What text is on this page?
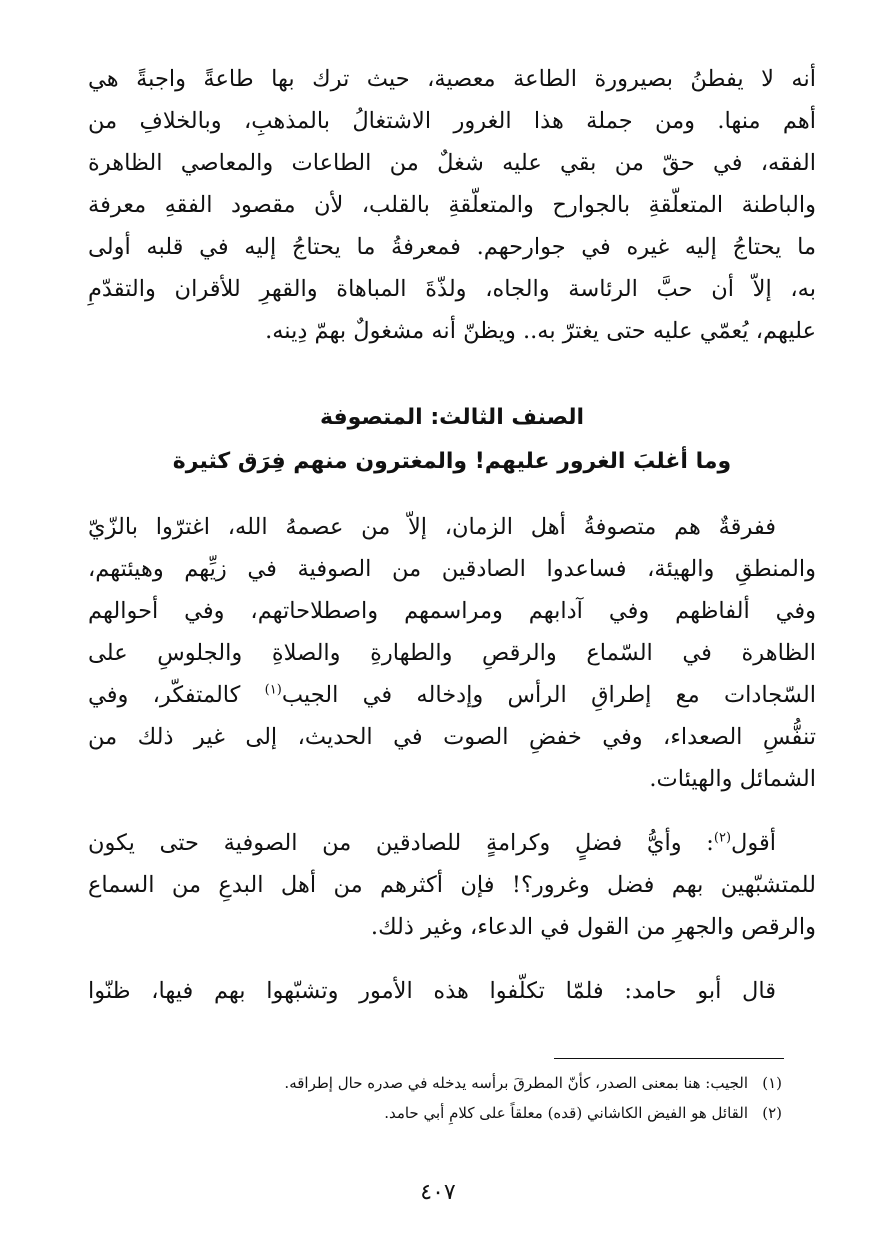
أنه لا يفطنُ بصيرورة الطاعة معصية، حيث ترك بها طاعةً واجبةً هي
أهم منها. ومن جملة هذا الغرور الاشتغالُ بالمذهبِ، وبالخلافِ من
الفقه، في حقّ من بقي عليه شغلٌ من الطاعات والمعاصي الظاهرة
والباطنة المتعلّقةِ بالجوارح والمتعلّقةِ بالقلب، لأن مقصود الفقهِ معرفة
ما يحتاجُ إليه غيره في جوارحهم. فمعرفةُ ما يحتاجُ إليه في قلبه أولى
به، إلاّ أن حبَّ الرئاسة والجاه، ولذّةَ المباهاة والقهرِ للأقران والتقدّمِ
عليهم، يُعمّي عليه حتى يغترّ به.. ويظنّ أنه مشغولٌ بهمّ دِينه.
الصنف الثالث: المتصوفة
وما أغلبَ الغرور عليهم! والمغترون منهم فِرَق كثيرة
ففرقةٌ هم متصوفةُ أهل الزمان، إلاّ من عصمهُ الله، اغترّوا بالزّيّ
والمنطقِ والهيئة، فساعدوا الصادقين من الصوفية في زيِّهم وهيئتهم،
وفي ألفاظهم وفي آدابهم ومراسمهم واصطلاحاتهم، وفي أحوالهم
الظاهرة في السّماع والرقصِ والطهارةِ والصلاةِ والجلوسِ على
السّجادات مع إطراقِ الرأس وإدخاله في الجيب$^{(١)}$ كالمتفكّر، وفي
تنفُّسِ الصعداء، وفي خفضِ الصوت في الحديث، إلى غير ذلك من
الشمائل والهيئات.
أقول$^{(٢)}$: وأيُّ فضلٍ وكرامةٍ للصادقين من الصوفية حتى يكون
للمتشبّهين بهم فضل وغرور؟! فإن أكثرهم من أهل البدعِ من السماع
والرقص والجهرِ من القول في الدعاء، وغير ذلك.
قال أبو حامد: فلمّا تكلّفوا هذه الأمور وتشبّهوا بهم فيها، ظنّوا
(١)الجيب: هنا بمعنى الصدر، كأنّ المطرقَ برأسه يدخله في صدره حال إطراقه.
(٢)القائل هو الفيض الكاشاني (قده) معلقاً على كلامِ أبي حامد.
٤٠٧
